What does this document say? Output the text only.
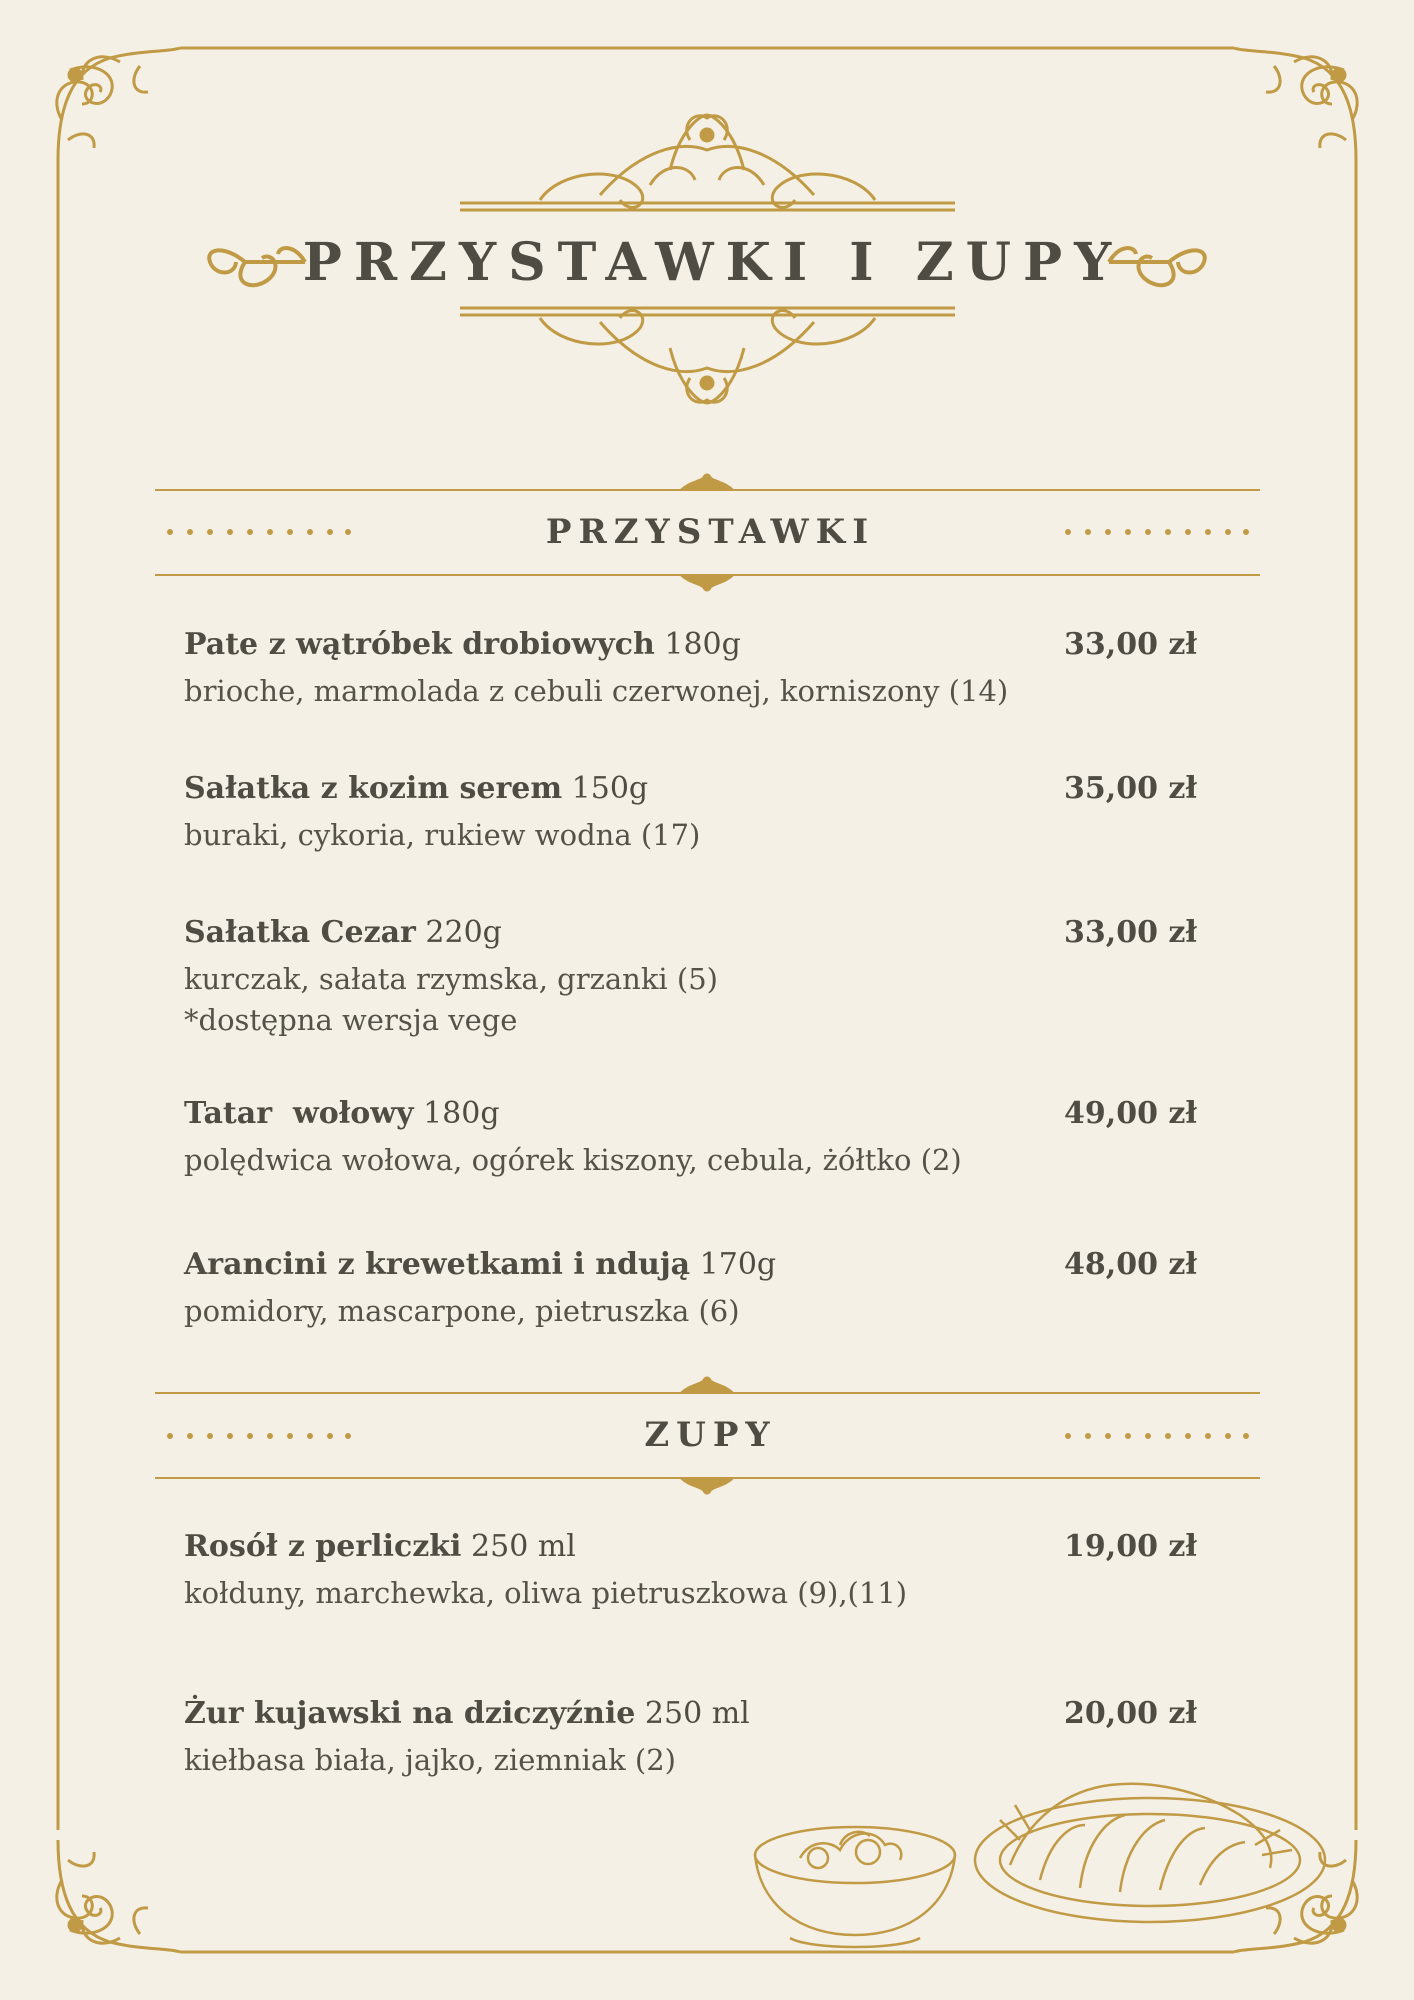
PRZYSTAWKI I ZUPY
PRZYSTAWKI
Pate z wątróbek drobiowych 180g
brioche, marmolada z cebuli czerwonej, korniszony (14)
33,00 zł
Sałatka z kozim serem 150g
buraki, cykoria, rukiew wodna (17)
35,00 zł
Sałatka Cezar 220g
kurczak, sałata rzymska, grzanki (5)
*dostępna wersja vege
33,00 zł
Tatar  wołowy 180g
polędwica wołowa, ogórek kiszony, cebula, żółtko (2)
49,00 zł
Arancini z krewetkami i ndują 170g
pomidory, mascarpone, pietruszka (6)
48,00 zł
ZUPY
Rosół z perliczki 250 ml
kołduny, marchewka, oliwa pietruszkowa (9),(11)
19,00 zł
Żur kujawski na dziczyźnie 250 ml
kiełbasa biała, jajko, ziemniak (2)
20,00 zł
